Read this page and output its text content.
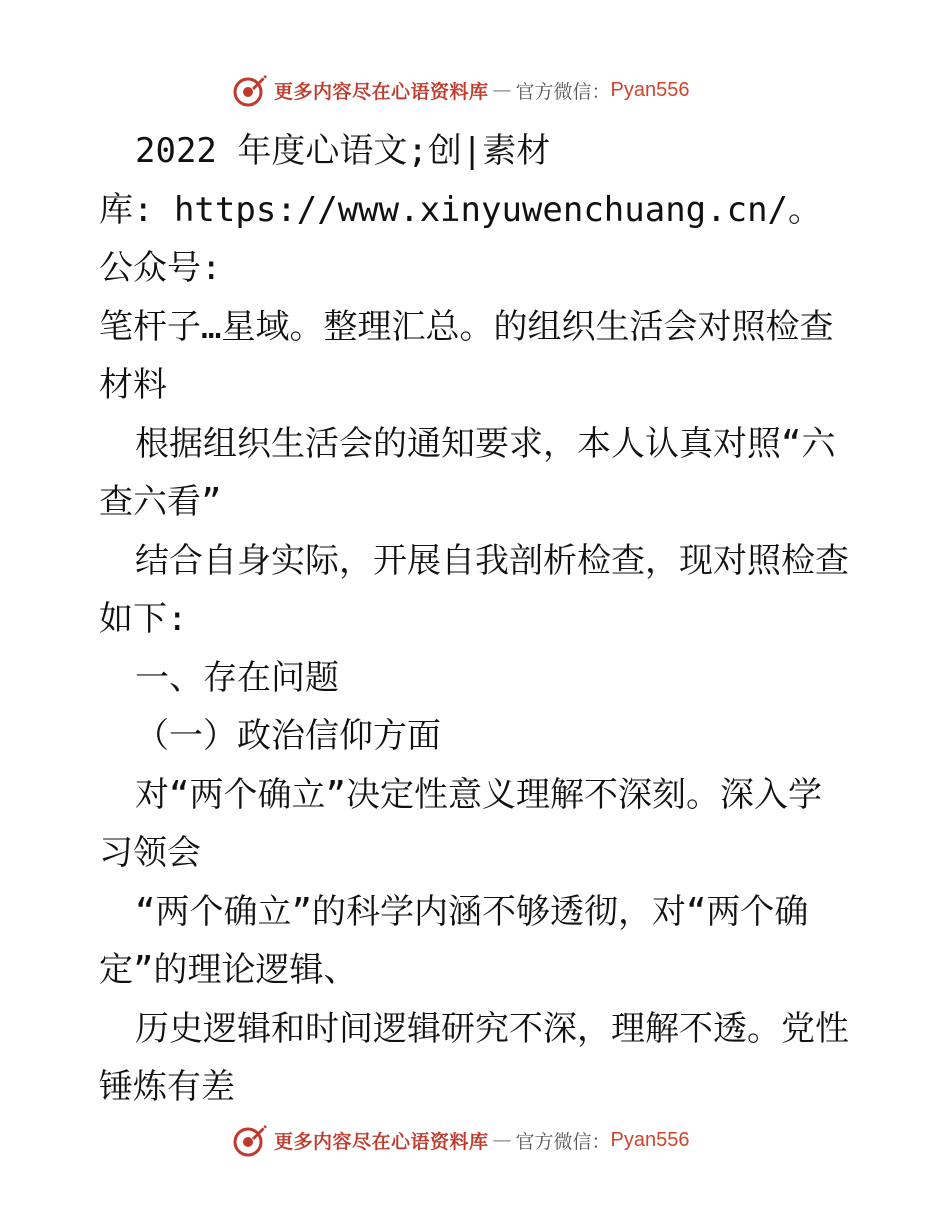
更多内容尽在心语资料库 — 官方微信： Pyan556

2022 年度心语文;创|素材

库: https://www.xinyuwenchuang.cn/。公众号:

笔杆子…星域。整理汇总。的组织生活会对照检查

材料

根据组织生活会的通知要求，本人认真对照“六查六看”

结合自身实际，开展自我剖析检查，现对照检查如下:

一、存在问题

（一）政治信仰方面

对“两个确立”决定性意义理解不深刻。深入学习领会

“两个确立”的科学内涵不够透彻，对“两个确定”的理论逻辑、

历史逻辑和时间逻辑研究不深，理解不透。党性锤炼有差

更多内容尽在心语资料库 — 官方微信： Pyan556
